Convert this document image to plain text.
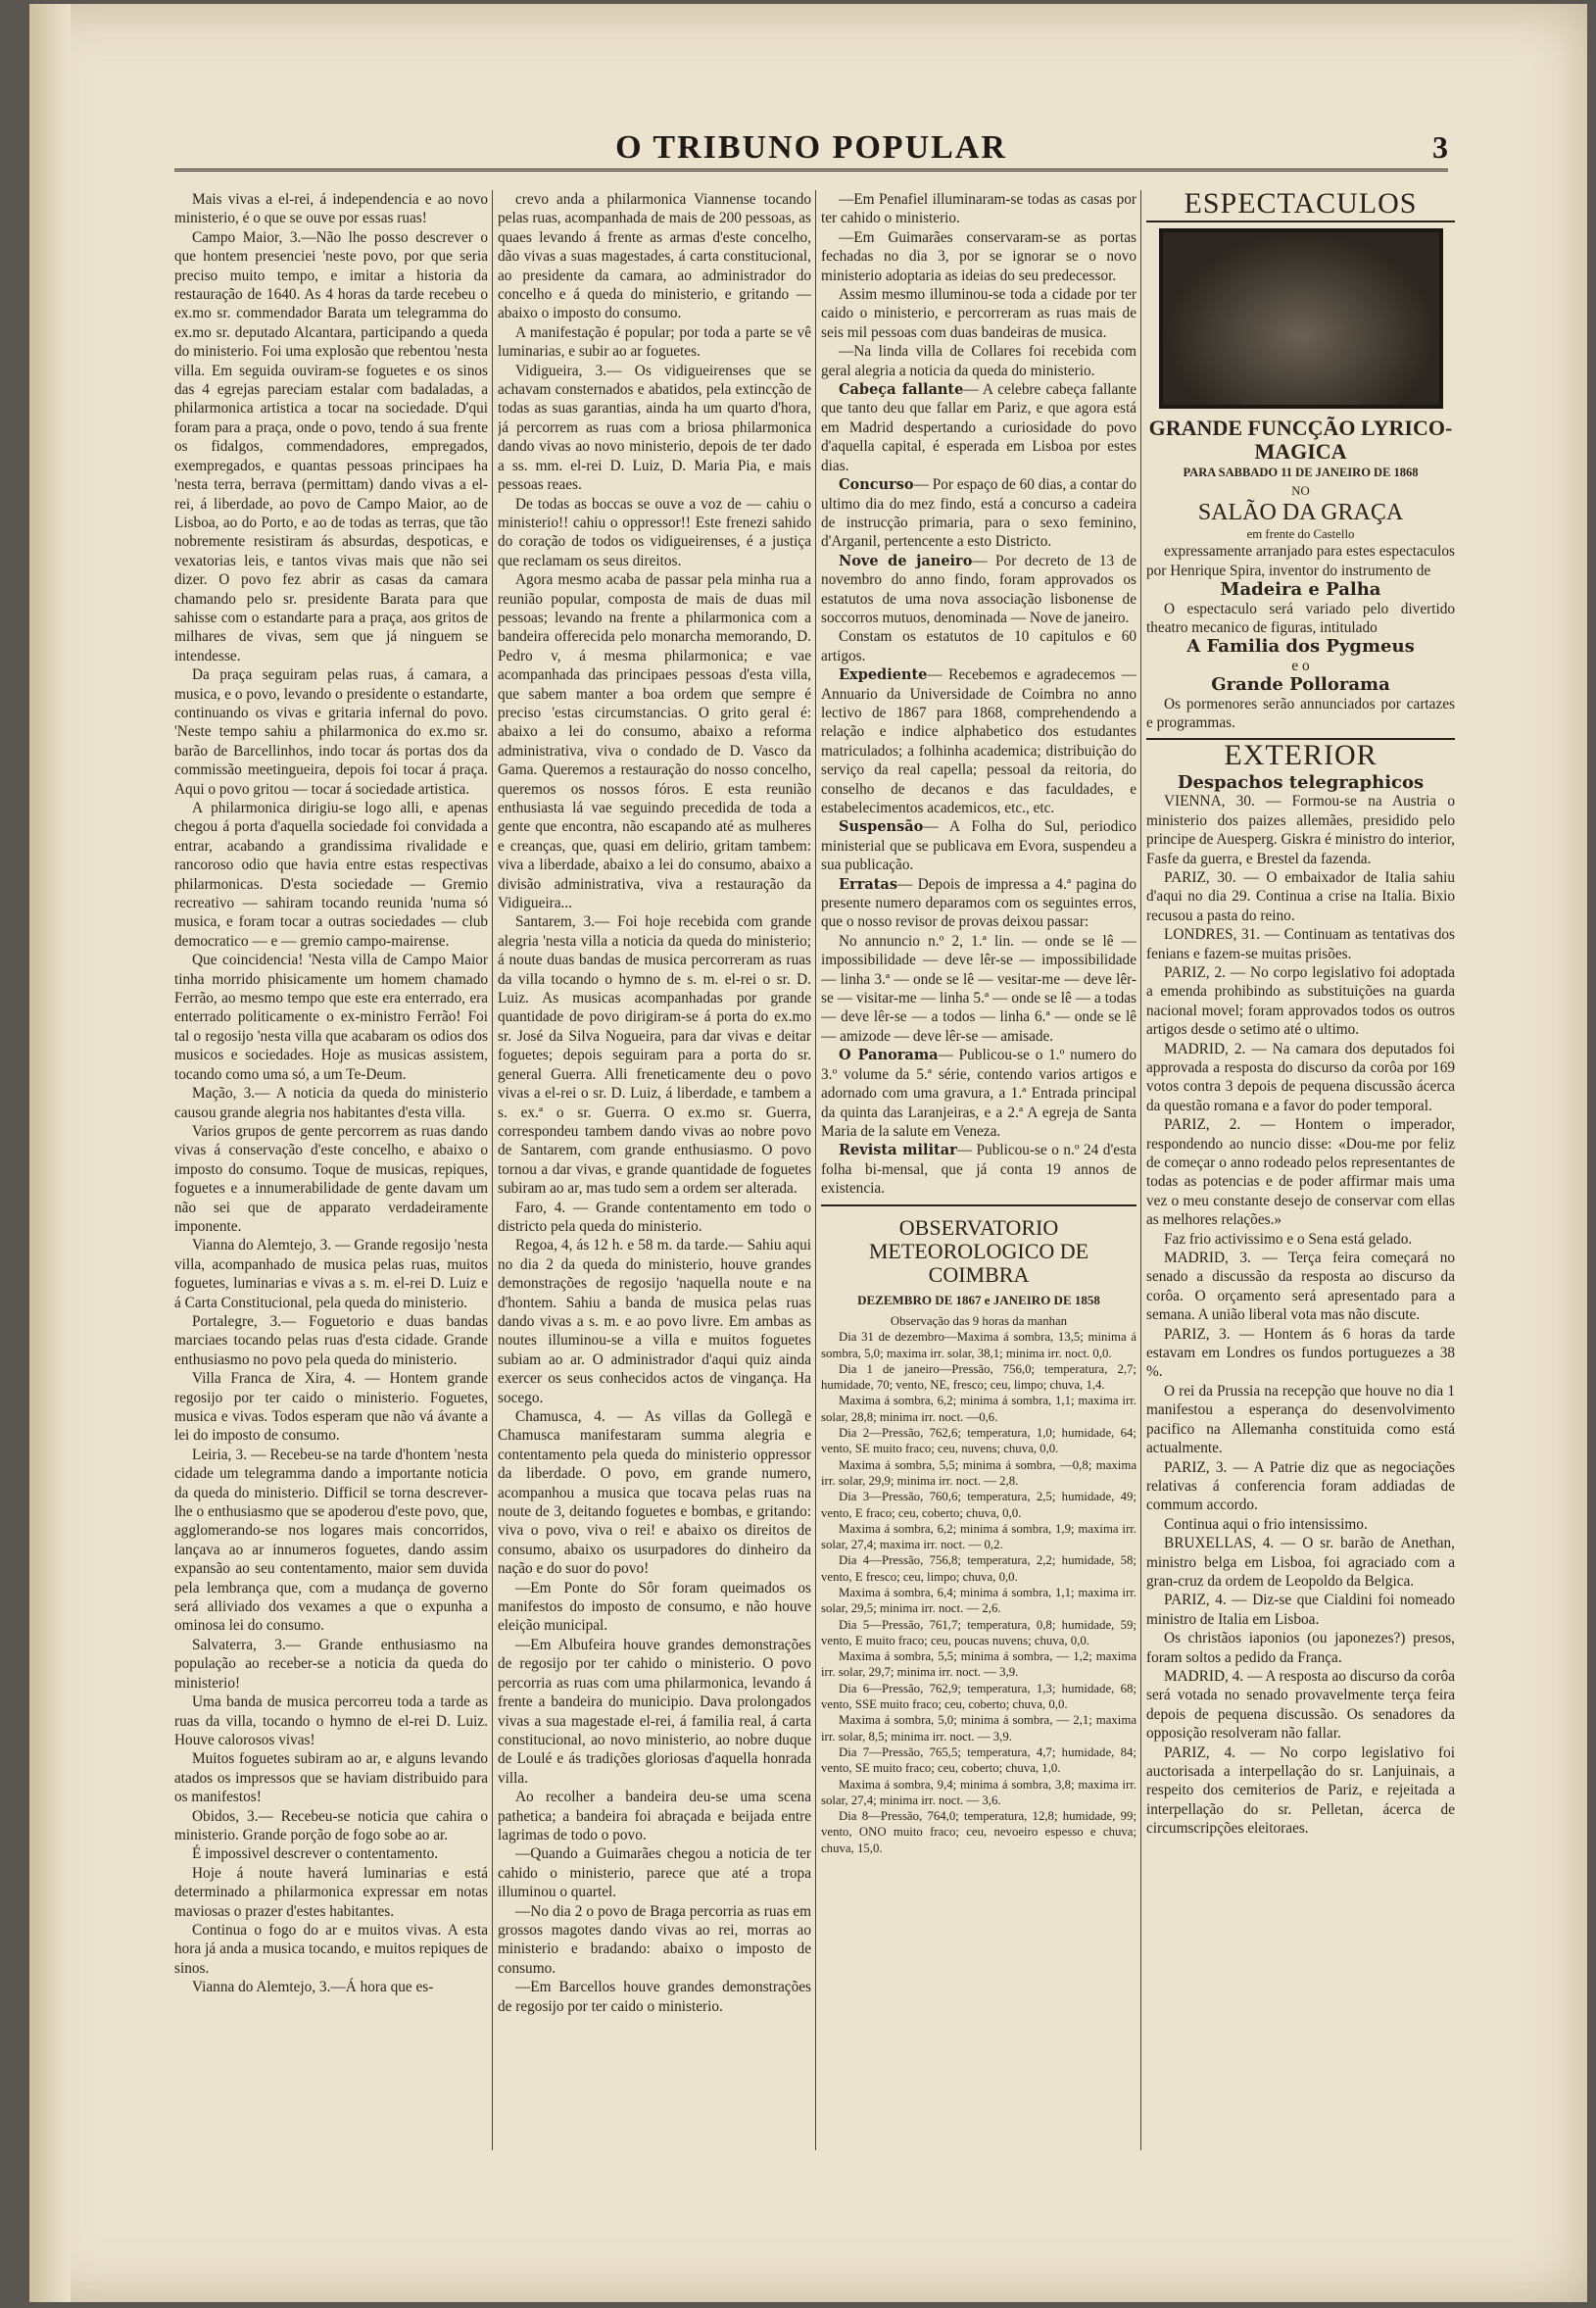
O TRIBUNO POPULAR	3

Mais vivas a el-rei, á independencia e ao novo ministerio, é o que se ouve por essas ruas!

Campo Maior, 3.—Não lhe posso descrever o que hontem presenciei 'neste povo, por que seria preciso muito tempo, e imitar a historia da restauração de 1640. As 4 horas da tarde recebeu o ex.mo sr. commendador Barata um telegramma do ex.mo sr. deputado Alcantara, participando a queda do ministerio. Foi uma explosão que rebentou 'nesta villa. Em seguida ouviram-se foguetes e os sinos das 4 egrejas pareciam estalar com badaladas, a philarmonica artistica a tocar na sociedade. D'qui foram para a praça, onde o povo, tendo á sua frente os fidalgos, commendadores, empregados, exempregados, e quantas pessoas principaes ha 'nesta terra, berrava (permittam) dando vivas a el-rei, á liberdade, ao povo de Campo Maior, ao de Lisboa, ao do Porto, e ao de todas as terras, que tão nobremente resistiram ás absurdas, despoticas, e vexatorias leis, e tantos vivas mais que não sei dizer. O povo fez abrir as casas da camara chamando pelo sr. presidente Barata para que sahisse com o estandarte para a praça, aos gritos de milhares de vivas, sem que já ninguem se intendesse.

Da praça seguiram pelas ruas, á camara, a musica, e o povo, levando o presidente o estandarte, continuando os vivas e gritaria infernal do povo. 'Neste tempo sahiu a philarmonica do ex.mo sr. barão de Barcellinhos, indo tocar ás portas dos da commissão meetingueira, depois foi tocar á praça. Aqui o povo gritou — tocar á sociedade artistica.

A philarmonica dirigiu-se logo alli, e apenas chegou á porta d'aquella sociedade foi convidada a entrar, acabando a grandissima rivalidade e rancoroso odio que havia entre estas respectivas philarmonicas. D'esta sociedade — Gremio recreativo — sahiram tocando reunida 'numa só musica, e foram tocar a outras sociedades — club democratico — e — gremio campo-mairense.

Que coincidencia! 'Nesta villa de Campo Maior tinha morrido phisicamente um homem chamado Ferrão, ao mesmo tempo que este era enterrado, era enterrado politicamente o ex-ministro Ferrão! Foi tal o regosijo 'nesta villa que acabaram os odios dos musicos e sociedades. Hoje as musicas assistem, tocando como uma só, a um Te-Deum.

Mação, 3.— A noticia da queda do ministerio causou grande alegria nos habitantes d'esta villa.

Varios grupos de gente percorrem as ruas dando vivas á conservação d'este concelho, e abaixo o imposto do consumo. Toque de musicas, repiques, foguetes e a innumerabilidade de gente davam um não sei que de apparato verdadeiramente imponente.

Vianna do Alemtejo, 3. — Grande regosijo 'nesta villa, acompanhado de musica pelas ruas, muitos foguetes, luminarias e vivas a s. m. el-rei D. Luiz e á Carta Constitucional, pela queda do ministerio.

Portalegre, 3.— Foguetorio e duas bandas marciaes tocando pelas ruas d'esta cidade. Grande enthusiasmo no povo pela queda do ministerio.

Villa Franca de Xira, 4. — Hontem grande regosijo por ter caido o ministerio. Foguetes, musica e vivas. Todos esperam que não vá ávante a lei do imposto de consumo.

Leiria, 3. — Recebeu-se na tarde d'hontem 'nesta cidade um telegramma dando a importante noticia da queda do ministerio. Difficil se torna descrever-lhe o enthusiasmo que se apoderou d'este povo, que, agglomerando-se nos logares mais concorridos, lançava ao ar innumeros foguetes, dando assim expansão ao seu contentamento, maior sem duvida pela lembrança que, com a mudança de governo será alliviado dos vexames a que o expunha a ominosa lei do consumo.

Salvaterra, 3.— Grande enthusiasmo na população ao receber-se a noticia da queda do ministerio!

Uma banda de musica percorreu toda a tarde as ruas da villa, tocando o hymno de el-rei D. Luiz. Houve calorosos vivas!

Muitos foguetes subiram ao ar, e alguns levando atados os impressos que se haviam distribuido para os manifestos!

Obidos, 3.— Recebeu-se noticia que cahira o ministerio. Grande porção de fogo sobe ao ar.

É impossivel descrever o contentamento.

Hoje á noute haverá luminarias e está determinado a philarmonica expressar em notas maviosas o prazer d'estes habitantes.

Continua o fogo do ar e muitos vivas. A esta hora já anda a musica tocando, e muitos repiques de sinos.

Vianna do Alemtejo, 3.—Á hora que es-

crevo anda a philarmonica Viannense tocando pelas ruas, acompanhada de mais de 200 pessoas, as quaes levando á frente as armas d'este concelho, dão vivas a suas magestades, á carta constitucional, ao presidente da camara, ao administrador do concelho e á queda do ministerio, e gritando — abaixo o imposto do consumo.

A manifestação é popular; por toda a parte se vê luminarias, e subir ao ar foguetes.

Vidigueira, 3.— Os vidigueirenses que se achavam consternados e abatidos, pela extincção de todas as suas garantias, ainda ha um quarto d'hora, já percorrem as ruas com a briosa philarmonica dando vivas ao novo ministerio, depois de ter dado a ss. mm. el-rei D. Luiz, D. Maria Pia, e mais pessoas reaes.

De todas as boccas se ouve a voz de — cahiu o ministerio!! cahiu o oppressor!! Este frenezi sahido do coração de todos os vidigueirenses, é a justiça que reclamam os seus direitos.

Agora mesmo acaba de passar pela minha rua a reunião popular, composta de mais de duas mil pessoas; levando na frente a philarmonica com a bandeira offerecida pelo monarcha memorando, D. Pedro v, á mesma philarmonica; e vae acompanhada das principaes pessoas d'esta villa, que sabem manter a boa ordem que sempre é preciso 'estas circumstancias. O grito geral é: abaixo a lei do consumo, abaixo a reforma administrativa, viva o condado de D. Vasco da Gama. Queremos a restauração do nosso concelho, queremos os nossos fóros. E esta reunião enthusiasta lá vae seguindo precedida de toda a gente que encontra, não escapando até as mulheres e creanças, que, quasi em delirio, gritam tambem: viva a liberdade, abaixo a lei do consumo, abaixo a divisão administrativa, viva a restauração da Vidigueira...

Santarem, 3.— Foi hoje recebida com grande alegria 'nesta villa a noticia da queda do ministerio; á noute duas bandas de musica percorreram as ruas da villa tocando o hymno de s. m. el-rei o sr. D. Luiz. As musicas acompanhadas por grande quantidade de povo dirigiram-se á porta do ex.mo sr. José da Silva Nogueira, para dar vivas e deitar foguetes; depois seguiram para a porta do sr. general Guerra. Alli freneticamente deu o povo vivas a el-rei o sr. D. Luiz, á liberdade, e tambem a s. ex.ª o sr. Guerra. O ex.mo sr. Guerra, correspondeu tambem dando vivas ao nobre povo de Santarem, com grande enthusiasmo. O povo tornou a dar vivas, e grande quantidade de foguetes subiram ao ar, mas tudo sem a ordem ser alterada.

Faro, 4. — Grande contentamento em todo o districto pela queda do ministerio.

Regoa, 4, ás 12 h. e 58 m. da tarde.— Sahiu aqui no dia 2 da queda do ministerio, houve grandes demonstrações de regosijo 'naquella noute e na d'hontem. Sahiu a banda de musica pelas ruas dando vivas a s. m. e ao povo livre. Em ambas as noutes illuminou-se a villa e muitos foguetes subiam ao ar. O administrador d'aqui quiz ainda exercer os seus conhecidos actos de vingança. Ha socego.

Chamusca, 4. — As villas da Gollegã e Chamusca manifestaram summa alegria e contentamento pela queda do ministerio oppressor da liberdade. O povo, em grande numero, acompanhou a musica que tocava pelas ruas na noute de 3, deitando foguetes e bombas, e gritando: viva o povo, viva o rei! e abaixo os direitos de consumo, abaixo os usurpadores do dinheiro da nação e do suor do povo!

—Em Ponte do Sôr foram queimados os manifestos do imposto de consumo, e não houve eleição municipal.

—Em Albufeira houve grandes demonstrações de regosijo por ter cahido o ministerio. O povo percorria as ruas com uma philarmonica, levando á frente a bandeira do municipio. Dava prolongados vivas a sua magestade el-rei, á familia real, á carta constitucional, ao novo ministerio, ao nobre duque de Loulé e ás tradições gloriosas d'aquella honrada villa.

Ao recolher a bandeira deu-se uma scena pathetica; a bandeira foi abraçada e beijada entre lagrimas de todo o povo.

—Quando a Guimarães chegou a noticia de ter cahido o ministerio, parece que até a tropa illuminou o quartel.

—No dia 2 o povo de Braga percorria as ruas em grossos magotes dando vivas ao rei, morras ao ministerio e bradando: abaixo o imposto de consumo.

—Em Barcellos houve grandes demonstrações de regosijo por ter caido o ministerio.

—Em Penafiel illuminaram-se todas as casas por ter cahido o ministerio.

—Em Guimarães conservaram-se as portas fechadas no dia 3, por se ignorar se o novo ministerio adoptaria as ideias do seu predecessor.

Assim mesmo illuminou-se toda a cidade por ter caido o ministerio, e percorreram as ruas mais de seis mil pessoas com duas bandeiras de musica.

—Na linda villa de Collares foi recebida com geral alegria a noticia da queda do ministerio.

Cabeça fallante— A celebre cabeça fallante que tanto deu que fallar em Pariz, e que agora está em Madrid despertando a curiosidade do povo d'aquella capital, é esperada em Lisboa por estes dias.

Concurso— Por espaço de 60 dias, a contar do ultimo dia do mez findo, está a concurso a cadeira de instrucção primaria, para o sexo feminino, d'Arganil, pertencente a esto Districto.

Nove de janeiro— Por decreto de 13 de novembro do anno findo, foram approvados os estatutos de uma nova associação lisbonense de soccorros mutuos, denominada — Nove de janeiro.

Constam os estatutos de 10 capitulos e 60 artigos.

Expediente— Recebemos e agradecemos — Annuario da Universidade de Coimbra no anno lectivo de 1867 para 1868, comprehendendo a relação e indice alphabetico dos estudantes matriculados; a folhinha academica; distribuição do serviço da real capella; pessoal da reitoria, do conselho de decanos e das faculdades, e estabelecimentos academicos, etc., etc.

Suspensão— A Folha do Sul, periodico ministerial que se publicava em Evora, suspendeu a sua publicação.

Erratas— Depois de impressa a 4.ª pagina do presente numero deparamos com os seguintes erros, que o nosso revisor de provas deixou passar:

No annuncio n.º 2, 1.ª lin. — onde se lê — impossibilidade — deve lêr-se — impossibilidade — linha 3.ª — onde se lê — vesitar-me — deve lêr-se — visitar-me — linha 5.ª — onde se lê — a todas — deve lêr-se — a todos — linha 6.ª — onde se lê — amizode — deve lêr-se — amisade.

O Panorama— Publicou-se o 1.º numero do 3.º volume da 5.ª série, contendo varios artigos e adornado com uma gravura, a 1.ª Entrada principal da quinta das Laranjeiras, e a 2.ª A egreja de Santa Maria de la salute em Veneza.

Revista militar— Publicou-se o n.º 24 d'esta folha bi-mensal, que já conta 19 annos de existencia.

OBSERVATORIO METEOROLOGICO DE COIMBRA
DEZEMBRO DE 1867 e JANEIRO DE 1858
Observação das 9 horas da manhan

Dia 31 de dezembro—Maxima á sombra, 13,5; minima á sombra, 5,0; maxima irr. solar, 38,1; minima irr. noct. 0,0.

Dia 1 de janeiro—Pressão, 756,0; temperatura, 2,7; humidade, 70; vento, NE, fresco; ceu, limpo; chuva, 1,4.

Maxima á sombra, 6,2; minima á sombra, 1,1; maxima irr. solar, 28,8; minima irr. noct. —0,6.

Dia 2—Pressão, 762,6; temperatura, 1,0; humidade, 64; vento, SE muito fraco; ceu, nuvens; chuva, 0,0.

Maxima á sombra, 5,5; minima á sombra, —0,8; maxima irr. solar, 29,9; minima irr. noct. — 2,8.

Dia 3—Pressão, 760,6; temperatura, 2,5; humidade, 49; vento, E fraco; ceu, coberto; chuva, 0,0.

Maxima á sombra, 6,2; minima á sombra, 1,9; maxima irr. solar, 27,4; maxima irr. noct. — 0,2.

Dia 4—Pressão, 756,8; temperatura, 2,2; humidade, 58; vento, E fresco; ceu, limpo; chuva, 0,0.

Maxima á sombra, 6,4; minima á sombra, 1,1; maxima irr. solar, 29,5; minima irr. noct. — 2,6.

Dia 5—Pressão, 761,7; temperatura, 0,8; humidade, 59; vento, E muito fraco; ceu, poucas nuvens; chuva, 0,0.

Maxima á sombra, 5,5; minima á sombra, — 1,2; maxima irr. solar, 29,7; minima irr. noct. — 3,9.

Dia 6—Pressão, 762,9; temperatura, 1,3; humidade, 68; vento, SSE muito fraco; ceu, coberto; chuva, 0,0.

Maxima á sombra, 5,0; minima á sombra, — 2,1; maxima irr. solar, 8,5; minima irr. noct. — 3,9.

Dia 7—Pressão, 765,5; temperatura, 4,7; humidade, 84; vento, SE muito fraco; ceu, coberto; chuva, 1,0.

Maxima á sombra, 9,4; minima á sombra, 3,8; maxima irr. solar, 27,4; minima irr. noct. — 3,6.

Dia 8—Pressão, 764,0; temperatura, 12,8; humidade, 99; vento, ONO muito fraco; ceu, nevoeiro espesso e chuva; chuva, 15,0.

ESPECTACULOS

GRANDE FUNCÇÃO LYRICO-MAGICA

PARA SABBADO 11 DE JANEIRO DE 1868

NO

SALÃO DA GRAÇA

em frente do Castello

expressamente arranjado para estes espectaculos por Henrique Spira, inventor do instrumento de

Madeira e Palha

O espectaculo será variado pelo divertido theatro mecanico de figuras, intitulado

A Familia dos Pygmeus

e o

Grande Polloramа

Os pormenores serão annunciados por cartazes e programmas.

EXTERIOR

Despachos telegraphicos

VIENNA, 30. — Formou-se na Austria o ministerio dos paizes allemães, presidido pelo principe de Auesperg. Giskra é ministro do interior, Fasfe da guerra, e Brestel da fazenda.

PARIZ, 30. — O embaixador de Italia sahiu d'aqui no dia 29. Continua a crise na Italia. Bixio recusou a pasta do reino.

LONDRES, 31. — Continuam as tentativas dos fenians e fazem-se muitas prisões.

PARIZ, 2. — No corpo legislativo foi adoptada a emenda prohibindo as substituições na guarda nacional movel; foram approvados todos os outros artigos desde o setimo até o ultimo.

MADRID, 2. — Na camara dos deputados foi approvada a resposta do discurso da corôa por 169 votos contra 3 depois de pequena discussão ácerca da questão romana e a favor do poder temporal.

PARIZ, 2. — Hontem o imperador, respondendo ao nuncio disse: «Dou-me por feliz de começar o anno rodeado pelos representantes de todas as potencias e de poder affirmar mais uma vez o meu constante desejo de conservar com ellas as melhores relações.»

Faz frio activissimo e o Sena está gelado.

MADRID, 3. — Terça feira começará no senado a discussão da resposta ao discurso da corôa. O orçamento será apresentado para a semana. A união liberal vota mas não discute.

PARIZ, 3. — Hontem ás 6 horas da tarde estavam em Londres os fundos portuguezes a 38 %.

O rei da Prussia na recepção que houve no dia 1 manifestou a esperança do desenvolvimento pacifico na Allemanha constituida como está actualmente.

PARIZ, 3. — A Patrie diz que as negociações relativas á conferencia foram addiadas de commum accordo.

Continua aqui o frio intensissimo.

BRUXELLAS, 4. — O sr. barão de Anethan, ministro belga em Lisboa, foi agraciado com a gran-cruz da ordem de Leopoldo da Belgica.

PARIZ, 4. — Diz-se que Cialdini foi nomeado ministro de Italia em Lisboa.

Os christãos iaponios (ou japonezes?) presos, foram soltos a pedido da França.

MADRID, 4. — A resposta ao discurso da corôa será votada no senado provavelmente terça feira depois de pequena discussão. Os senadores da opposição resolveram não fallar.

PARIZ, 4. — No corpo legislativo foi auctorisada a interpellação do sr. Lanjuinais, a respeito dos cemiterios de Pariz, e rejeitada a interpellação do sr. Pelletan, ácerca de circumscripções eleitoraes.
